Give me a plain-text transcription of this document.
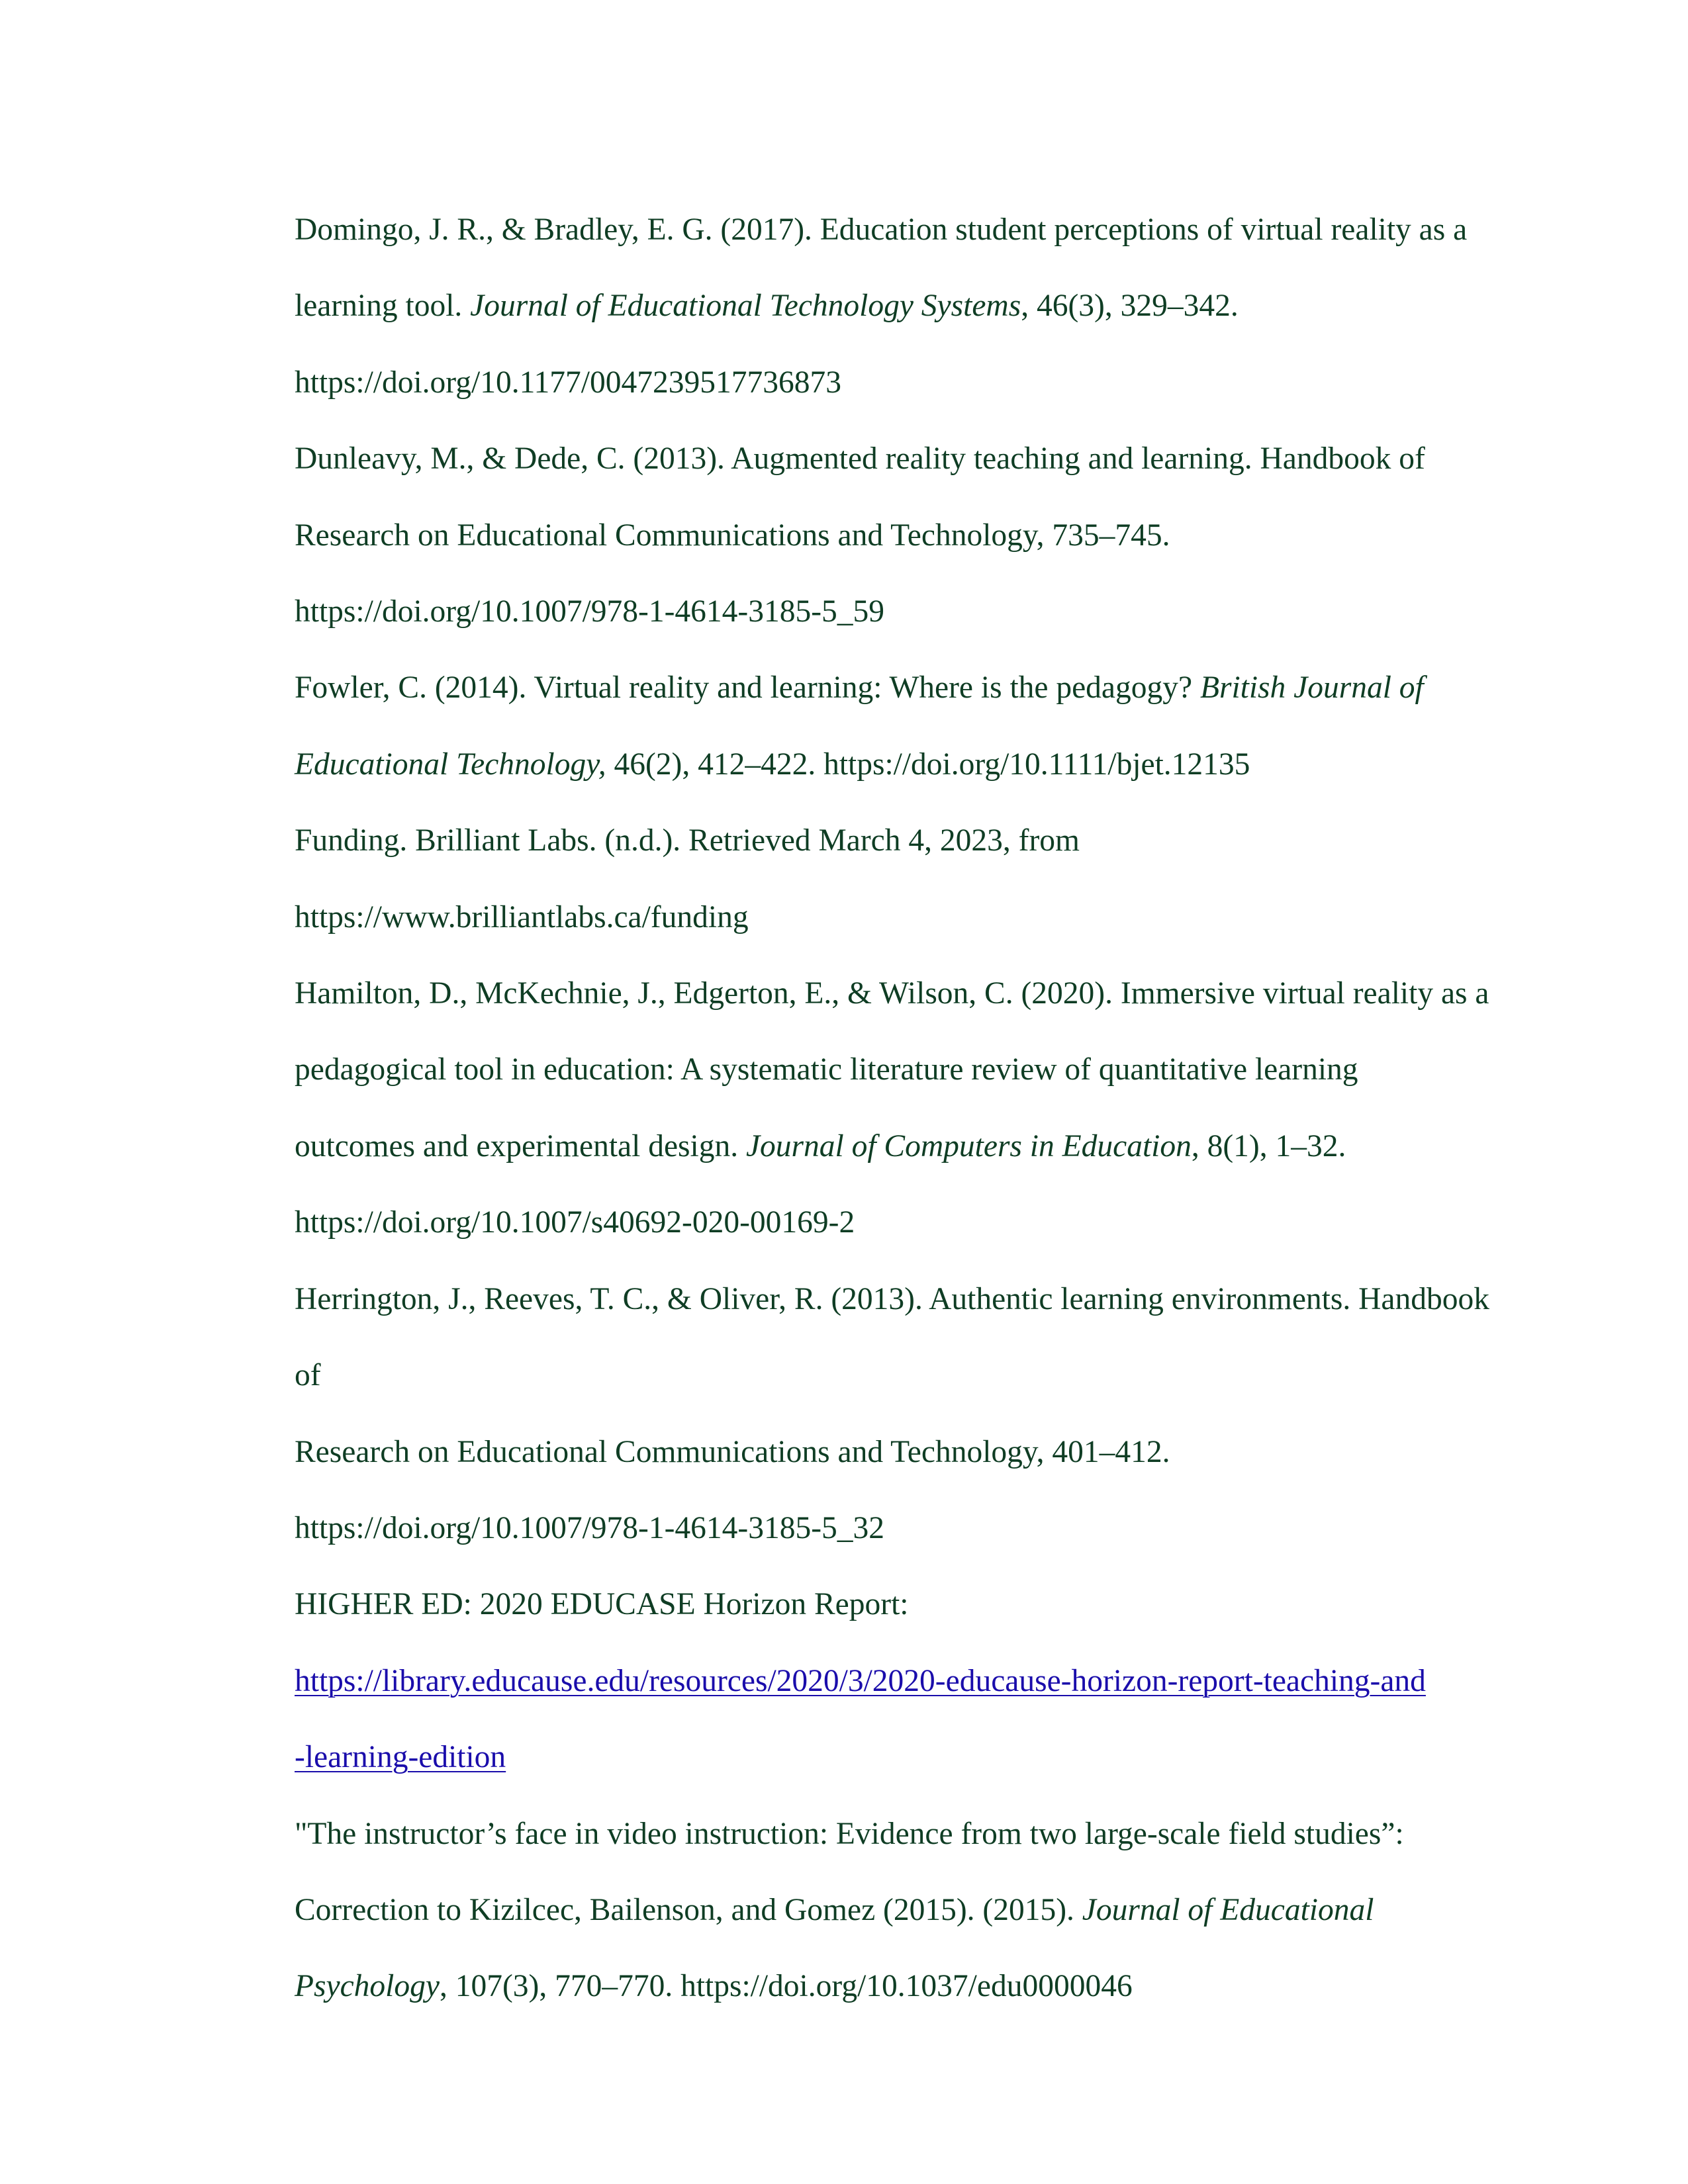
Domingo, J. R., & Bradley, E. G. (2017). Education student perceptions of virtual reality as a
learning tool. Journal of Educational Technology Systems, 46(3), 329–342.
https://doi.org/10.1177/0047239517736873
Dunleavy, M., & Dede, C. (2013). Augmented reality teaching and learning. Handbook of
Research on Educational Communications and Technology, 735–745.
https://doi.org/10.1007/978-1-4614-3185-5_59
Fowler, C. (2014). Virtual reality and learning: Where is the pedagogy? British Journal of
Educational Technology, 46(2), 412–422. https://doi.org/10.1111/bjet.12135
Funding. Brilliant Labs. (n.d.). Retrieved March 4, 2023, from
https://www.brilliantlabs.ca/funding
Hamilton, D., McKechnie, J., Edgerton, E., & Wilson, C. (2020). Immersive virtual reality as a
pedagogical tool in education: A systematic literature review of quantitative learning
outcomes and experimental design. Journal of Computers in Education, 8(1), 1–32.
https://doi.org/10.1007/s40692-020-00169-2
Herrington, J., Reeves, T. C., & Oliver, R. (2013). Authentic learning environments. Handbook of
Research on Educational Communications and Technology, 401–412.
https://doi.org/10.1007/978-1-4614-3185-5_32
HIGHER ED: 2020 EDUCASE Horizon Report:
https://library.educause.edu/resources/2020/3/2020-educause-horizon-report-teaching-and
-learning-edition
"The instructor’s face in video instruction: Evidence from two large-scale field studies”:
Correction to Kizilcec, Bailenson, and Gomez (2015). (2015). Journal of Educational
Psychology, 107(3), 770–770. https://doi.org/10.1037/edu0000046
